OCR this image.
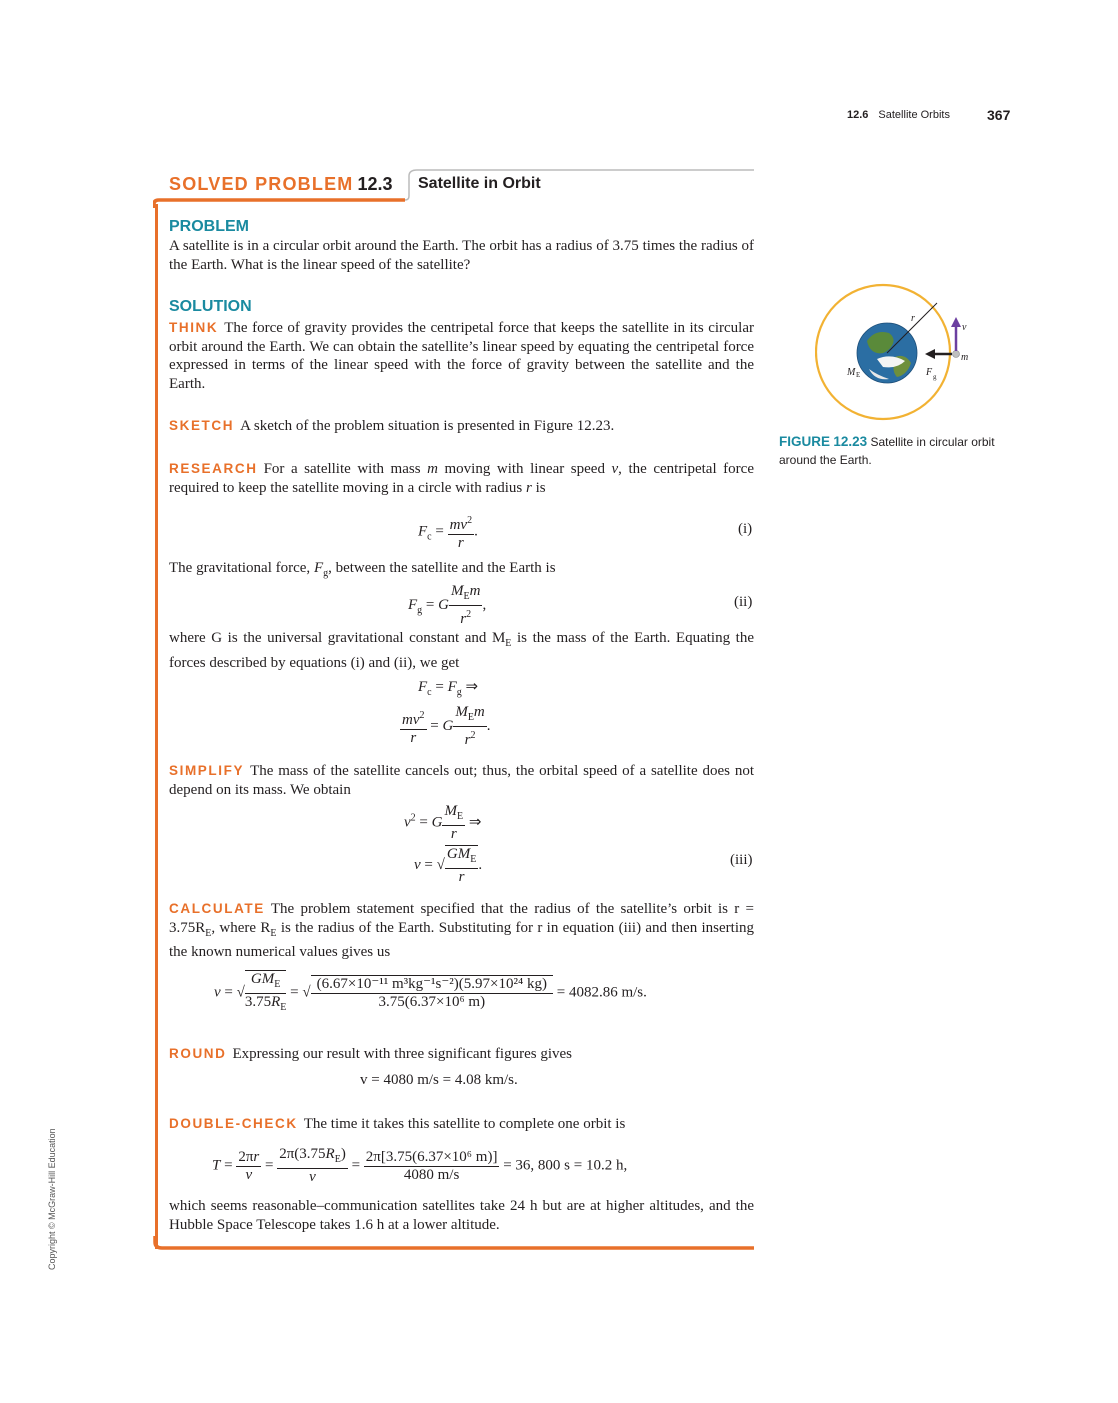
12.6 Satellite Orbits	367
SOLVED PROBLEM 12.3 Satellite in Orbit
PROBLEM
A satellite is in a circular orbit around the Earth. The orbit has a radius of 3.75 times the radius of the Earth. What is the linear speed of the satellite?
SOLUTION
THINK The force of gravity provides the centripetal force that keeps the satellite in its circular orbit around the Earth. We can obtain the satellite’s linear speed by equating the centripetal force expressed in terms of the linear speed with the force of gravity between the satellite and the Earth.
SKETCH A sketch of the problem situation is presented in Figure 12.23.
RESEARCH For a satellite with mass m moving with linear speed v, the centripetal force required to keep the satellite moving in a circle with radius r is
$F_c = \frac{mv^2}{r}$ .	(i)
The gravitational force, $F_g$, between the satellite and the Earth is
$F_g = G \frac{M_Em}{r^2}$ ,	(ii)
where G is the universal gravitational constant and $M_E$ is the mass of the Earth. Equating the forces described by equations (i) and (ii), we get
$F_c = F_g$ ⇒
$\frac{mv^2}{r} = G \frac{M_Em}{r^2}$ .
SIMPLIFY The mass of the satellite cancels out; thus, the orbital speed of a satellite does not depend on its mass. We obtain
$v^2 = G \frac{M_E}{r}$ ⇒
v = √ $\frac{GM_E}{r}$ .	(iii)
CALCULATE The problem statement specified that the radius of the satellite’s orbit is $r = 3.75R_E$, where $R_E$ is the radius of the Earth. Substituting for r in equation (iii) and then inserting the known numerical values gives us
v = √ $\frac{GM_E}{3.75R_E}$ = √ $\frac{\text{(6.67×10⁻¹¹ m³kg⁻¹s⁻²)(5.97×10²⁴ kg)}}{\text{3.75(6.37×10⁶ m)}} = 4082.86$ m/s.
ROUND Expressing our result with three significant figures gives
v = 4080 m/s = 4.08 km/s.
DOUBLE-CHECK The time it takes this satellite to complete one orbit is
$T = \frac{2\pi r}{v} = \frac{2\pi(3.75R_E)}{v} = \frac{\text{2π[3.75(6.37×10⁶ m)]}}{4080 m/s} = 36$, 800 s = 10.2 h,
which seems reasonable–communication satellites take 24 h but are at higher altitudes, and the Hubble Space Telescope takes 1.6 h at a lower altitude.
r
v⃗
m
F g
M E
FIGURE 12.23 Satellite in circular orbit around the Earth.
Copyright © McGraw-Hill Education
